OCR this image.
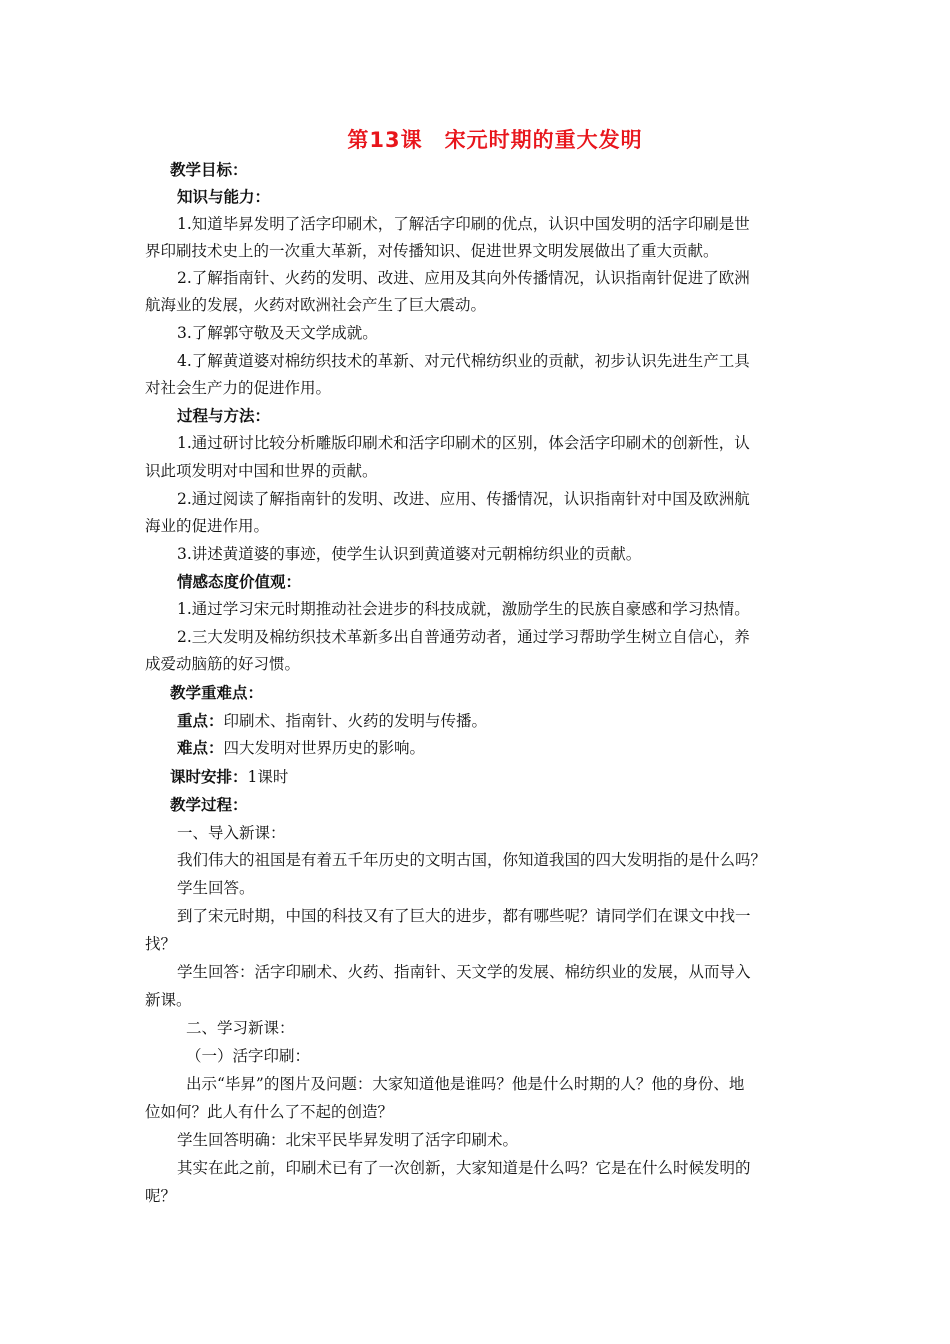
第13课　宋元时期的重大发明
教学目标：
知识与能力：
1.知道毕昇发明了活字印刷术，了解活字印刷的优点，认识中国发明的活字印刷是世
界印刷技术史上的一次重大革新，对传播知识、促进世界文明发展做出了重大贡献。
2.了解指南针、火药的发明、改进、应用及其向外传播情况，认识指南针促进了欧洲
航海业的发展，火药对欧洲社会产生了巨大震动。
3.了解郭守敬及天文学成就。
4.了解黄道婆对棉纺织技术的革新、对元代棉纺织业的贡献，初步认识先进生产工具
对社会生产力的促进作用。
过程与方法：
1.通过研讨比较分析雕版印刷术和活字印刷术的区别，体会活字印刷术的创新性，认
识此项发明对中国和世界的贡献。
2.通过阅读了解指南针的发明、改进、应用、传播情况，认识指南针对中国及欧洲航
海业的促进作用。
3.讲述黄道婆的事迹，使学生认识到黄道婆对元朝棉纺织业的贡献。
情感态度价值观：
1.通过学习宋元时期推动社会进步的科技成就，激励学生的民族自豪感和学习热情。
2.三大发明及棉纺织技术革新多出自普通劳动者，通过学习帮助学生树立自信心，养
成爱动脑筋的好习惯。
教学重难点：
重点：印刷术、指南针、火药的发明与传播。
难点：四大发明对世界历史的影响。
课时安排：1课时
教学过程：
一、导入新课：
我们伟大的祖国是有着五千年历史的文明古国，你知道我国的四大发明指的是什么吗？
学生回答。
到了宋元时期，中国的科技又有了巨大的进步，都有哪些呢？请同学们在课文中找一
找？
学生回答：活字印刷术、火药、指南针、天文学的发展、棉纺织业的发展，从而导入
新课。
二、学习新课：
（一）活字印刷：
出示“毕昇”的图片及问题：大家知道他是谁吗？他是什么时期的人？他的身份、地
位如何？此人有什么了不起的创造？
学生回答明确：北宋平民毕昇发明了活字印刷术。
其实在此之前，印刷术已有了一次创新，大家知道是什么吗？它是在什么时候发明的
呢？
